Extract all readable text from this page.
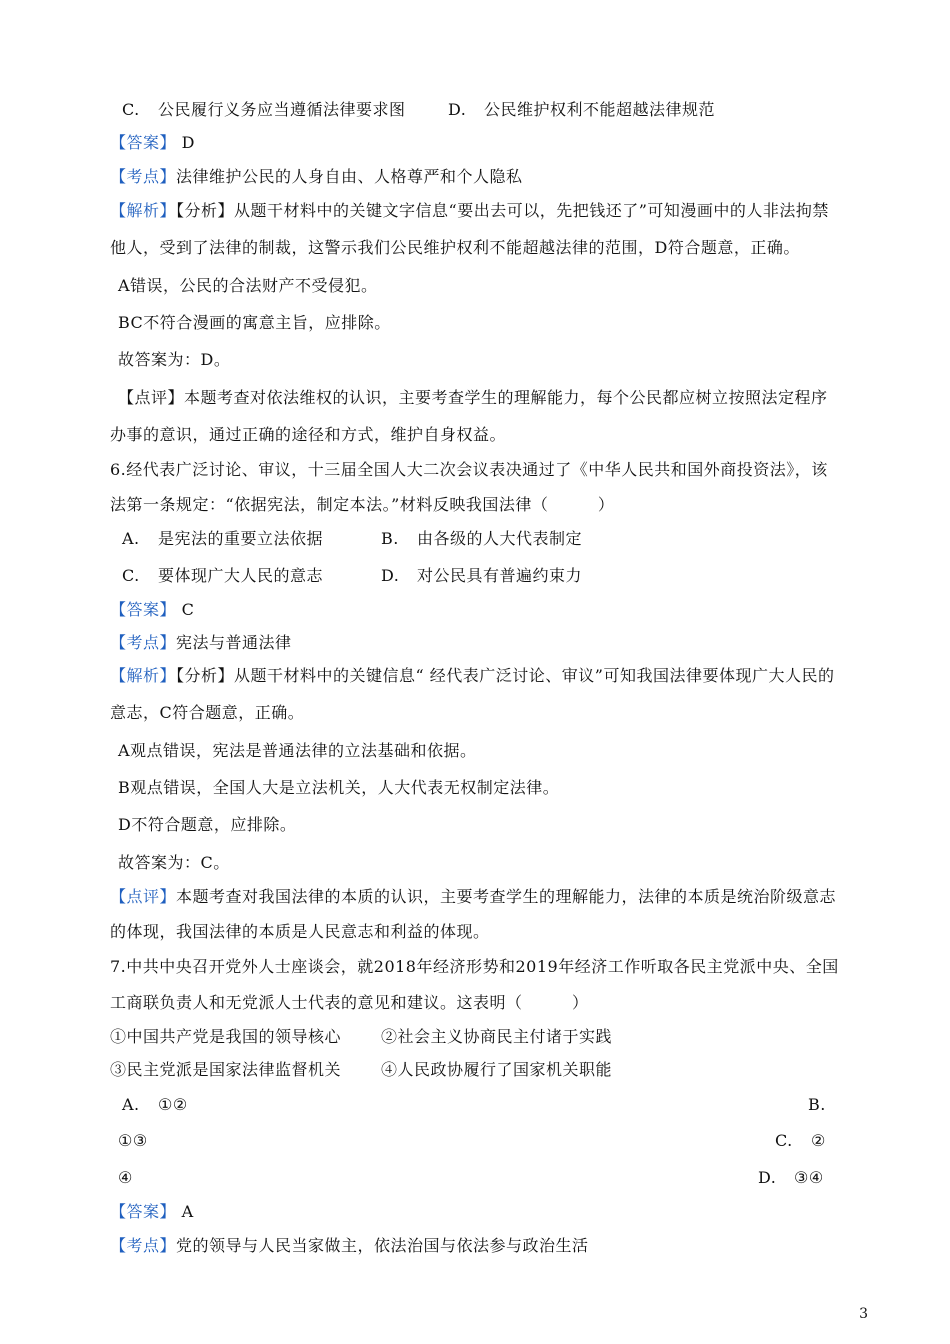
C. 公民履行义务应当遵循法律要求图	D. 公民维护权利不能超越法律规范
【答案】 D
【考点】法律维护公民的人身自由、人格尊严和个人隐私
【解析】【分析】从题干材料中的关键文字信息“要出去可以，先把钱还了”可知漫画中的人非法拘禁
他人，受到了法律的制裁，这警示我们公民维护权利不能超越法律的范围，D符合题意，正确。
A错误，公民的合法财产不受侵犯。
BC不符合漫画的寓意主旨，应排除。
故答案为：D。
【点评】本题考查对依法维权的认识，主要考查学生的理解能力，每个公民都应树立按照法定程序
办事的意识，通过正确的途径和方式，维护自身权益。
6.经代表广泛讨论、审议，十三届全国人大二次会议表决通过了《中华人民共和国外商投资法》，该
法第一条规定：“依据宪法，制定本法。”材料反映我国法律（　　　）
A. 是宪法的重要立法依据	B. 由各级的人大代表制定
C. 要体现广大人民的意志	D. 对公民具有普遍约束力
【答案】 C
【考点】宪法与普通法律
【解析】【分析】从题干材料中的关键信息“ 经代表广泛讨论、审议”可知我国法律要体现广大人民的
意志，C符合题意，正确。
A观点错误，宪法是普通法律的立法基础和依据。
B观点错误，全国人大是立法机关，人大代表无权制定法律。
D不符合题意，应排除。
故答案为：C。
【点评】本题考查对我国法律的本质的认识，主要考查学生的理解能力，法律的本质是统治阶级意志
的体现，我国法律的本质是人民意志和利益的体现。
7.中共中央召开党外人士座谈会，就2018年经济形势和2019年经济工作听取各民主党派中央、全国
工商联负责人和无党派人士代表的意见和建议。这表明（　　　）
①中国共产党是我国的领导核心 ②社会主义协商民主付诸于实践
③民主党派是国家法律监督机关 ④人民政协履行了国家机关职能
A. ①②	B.
①③	C. ②
④	D. ③④
【答案】 A
【考点】党的领导与人民当家做主，依法治国与依法参与政治生活
3
